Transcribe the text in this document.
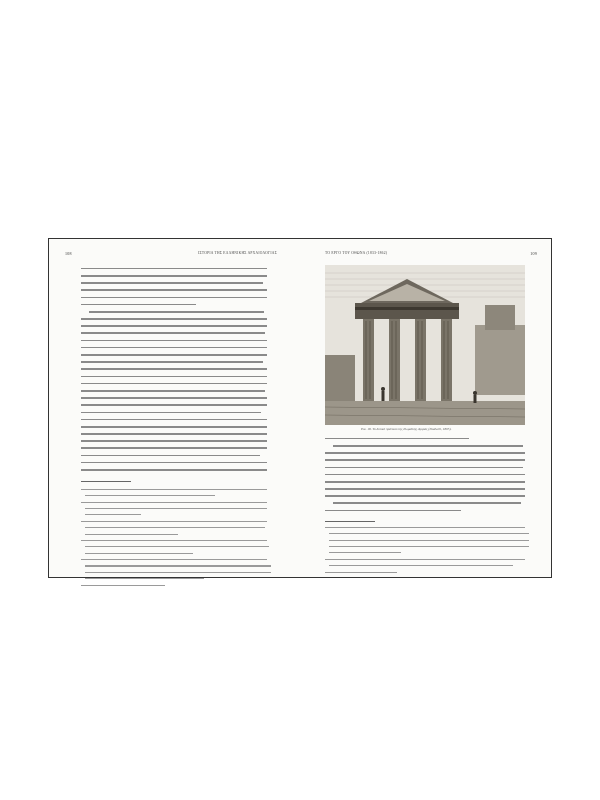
108	ΙΣΤΟΡΙΑ ΤΗΣ ΕΛΛΗΝΙΚΗΣ ΑΡΧΑΙΟΛΟΓΙΑΣ	ΤΟ ΕΡΓΟ ΤΟΥ ΟΘΩΝΑ (1833-1862)	109
Εικ. 18. Το δυτικό πρόπυλο της Ρωμαϊκής Αγοράς (Dodwell, 1805).
